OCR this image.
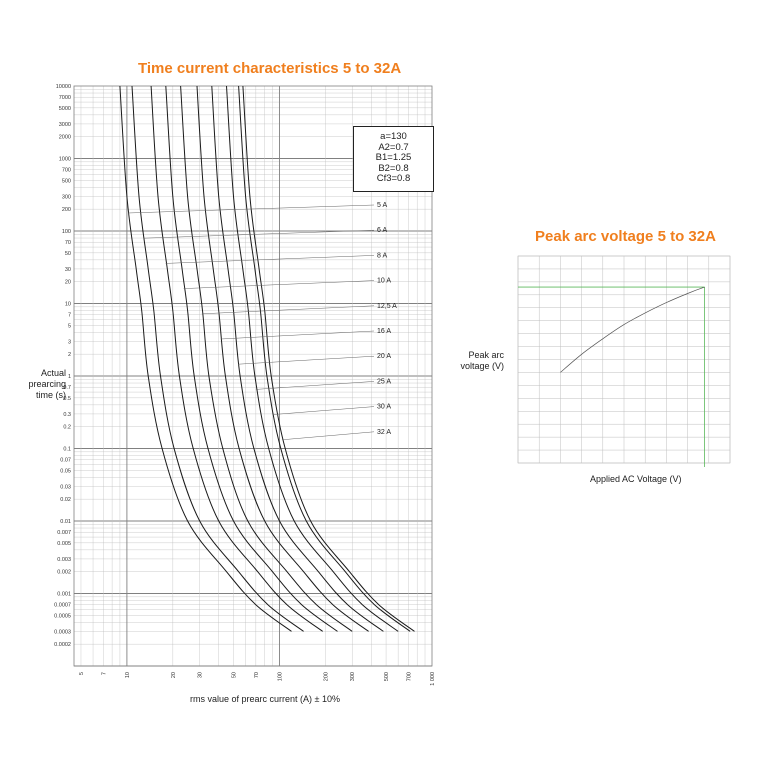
Time current characteristics 5 to 32A
Peak arc voltage 5 to 32A
10000
7000
5000
3000
2000
1000
700
500
300
200
100
70
50
30
20
10
7
5
3
2
1
0.7
0.5
0.3
0.2
0.1
0.07
0.05
0.03
0.02
0.01
0.007
0.005
0.003
0.002
0.001
0.0007
0.0005
0.0003
0.0002
5	7	10	20	30	50	70	100	200	300	500	700	1 000
5 A
6 A
8 A
10 A
12,5 A
16 A
20 A
25 A
30 A
32 A
a=130
A2=0.7
B1=1.25
B2=0.8
Cf3=0.8
Actual prearcing time (s)
rms value of prearc current (A) ± 10%
Peak arc voltage (V)
Applied AC Voltage (V)
